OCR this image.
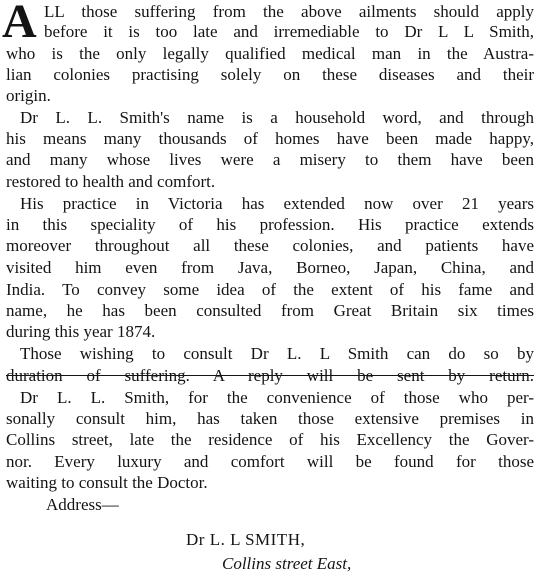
A LL those suffering from the above ailments should apply
before it is too late and irremediable to Dr L L Smith,
who is the only legally qualified medical man in the Austra-
lian colonies practising solely on these diseases and their
origin.
Dr L. L. Smith's name is a household word, and through
his means many thousands of homes have been made happy,
and many whose lives were a misery to them have been
restored to health and comfort.
His practice in Victoria has extended now over 21 years
in this speciality of his profession. His practice extends
moreover throughout all these colonies, and patients have
visited him even from Java, Borneo, Japan, China, and
India. To convey some idea of the extent of his fame and
name, he has been consulted from Great Britain six times
during this year 1874.
Those wishing to consult Dr L. L Smith can do so by
duration of suffering. A reply will be sent by return.
Dr L. L. Smith, for the convenience of those who per-
sonally consult him, has taken those extensive premises in
Collins street, late the residence of his Excellency the Gover-
nor. Every luxury and comfort will be found for those
waiting to consult the Doctor.
Address—
Dr L. L SMITH,
Collins street East,
